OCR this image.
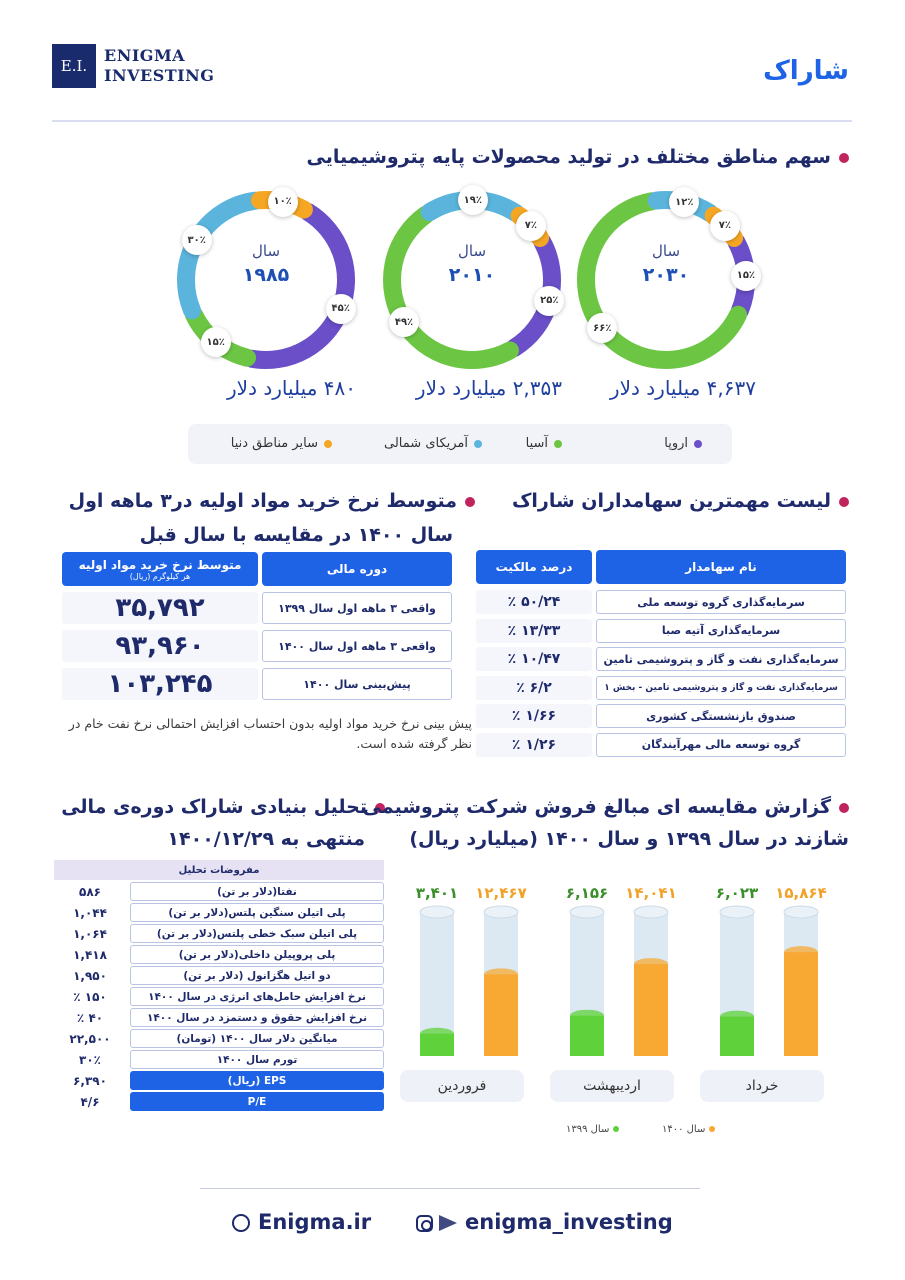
E.I.
ENIGMA
INVESTING	شاراک
سهم مناطق مختلف در تولید محصولات پایه پتروشیمیایی
۱۵٪
۶۶٪
۱۲٪
۷٪
سال
۲۰۳۰
۴,۶۳۷ میلیارد دلار
۲۵٪
۴۹٪
۱۹٪
۷٪
سال
۲۰۱۰
۲,۳۵۳ میلیارد دلار
۴۵٪
۱۵٪
۳۰٪
۱۰٪
سال
۱۹۸۵
۴۸۰ میلیارد دلار
اروپا
آسیا
آمریکای شمالی
سایر مناطق دنیا
لیست مهمترین سهامداران شاراک
نام سهامدار
درصد مالکیت
سرمایه‌گذاری گروه توسعه ملی
۵۰/۲۴ ٪
سرمایه‌گذاری آتیه صبا
۱۳/۳۳ ٪
سرمایه‌گذاری نفت و گاز و پتروشیمی تامین
۱۰/۴۷ ٪
سرمایه‌گذاری نفت و گاز و پتروشیمی تامین - بخش ۱
۶/۲ ٪
صندوق بازنشستگی کشوری
۱/۶۶ ٪
گروه توسعه مالی مهرآیندگان
۱/۲۶ ٪
متوسط نرخ خرید مواد اولیه در۳ ماهه اول
سال ۱۴۰۰ در مقایسه با سال قبل
دوره مالی
متوسط نرخ خرید مواد اولیه
هر کیلوگرم (ریال)
واقعی ۳ ماهه اول سال ۱۳۹۹
۳۵,۷۹۲
واقعی ۳ ماهه اول سال ۱۴۰۰
۹۳,۹۶۰
پیش‌بینی سال ۱۴۰۰
۱۰۳,۲۴۵
پیش بینی نرخ خرید مواد اولیه بدون احتساب افزایش احتمالی نرخ نفت خام در نظر گرفته شده است.
تحلیل بنیادی شاراک دوره‌ی مالی
منتهی به ۱۴۰۰/۱۲/۲۹
مفروضات تحلیل
۵۸۶	نفتا(دلار بر تن)
۱,۰۴۴	پلی اتیلن سنگین پلتس(دلار بر تن)
۱,۰۶۴	پلی اتیلن سبک خطی پلتس(دلار بر تن)
۱,۴۱۸	پلی پروپیلن داخلی(دلار بر تن)
۱,۹۵۰	دو اتیل هگزانول (دلار بر تن)
۱۵۰ ٪	نرخ افزایش حامل‌های انرژی در سال ۱۴۰۰
۴۰ ٪	نرخ افزایش حقوق و دستمزد در سال ۱۴۰۰
۲۲,۵۰۰	میانگین دلار سال ۱۴۰۰ (تومان)
۳۰٪	تورم سال ۱۴۰۰
۶,۳۹۰	EPS (ریال)
۴/۶	P/E
گزارش مقایسه ای مبالغ فروش شرکت پتروشیمی
شازند در سال ۱۳۹۹ و سال ۱۴۰۰ (میلیارد ریال)
۱۵,۸۶۴
۶,۰۲۳
خرداد
۱۴,۰۴۱
۶,۱۵۶
اردیبهشت
۱۲,۴۶۷
۳,۴۰۱
فروردین
سال ۱۴۰۰
سال ۱۳۹۹
Enigma.ir	enigma_investing
